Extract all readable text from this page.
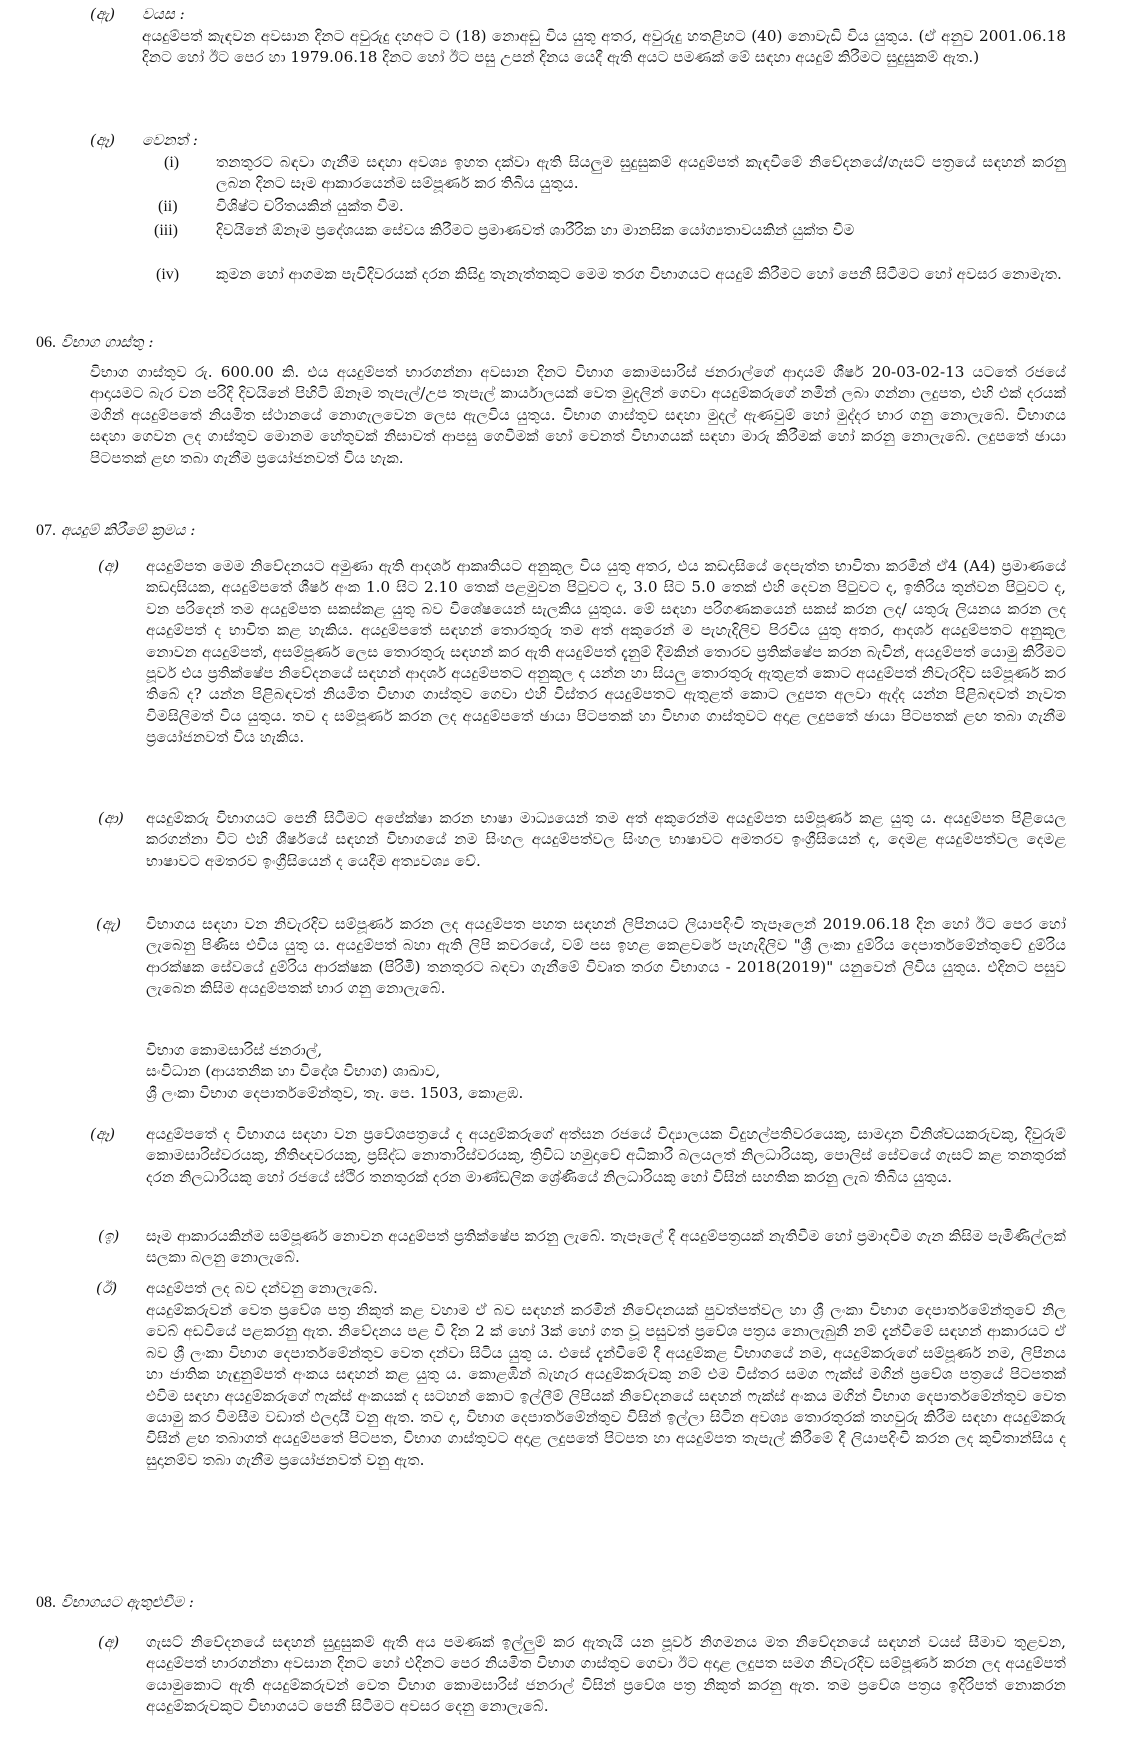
(ඇ) වයස :
අයදුම්පත් කැඳවන අවසාන දිනට අවුරුදු දහඅට ට (18) නොඅඩු විය යුතු අතර, අවුරුදු හතළිහට (40) නොවැඩි විය යුතුය. (ඒ අනුව 2001.06.18 දිනට හෝ ඊට පෙර හා 1979.06.18 දිනට හෝ ඊට පසු උපන් දිනය යෙදී ඇති අයට පමණක් මේ සඳහා අයදුම් කිරීමට සුදුසුකම් ඇත.)
(ඈ) වෙනත් :
(i) තනතුරට බඳවා ගැනීම සඳහා අවශ්‍ය ඉහත දක්වා ඇති සියලුම සුදුසුකම් අයදුම්පත් කැඳවීමේ නිවේදනයේ/ගැසට් පත්‍රයේ සඳහන් කරනු ලබන දිනට සෑම ආකාරයෙන්ම සම්පූර්ණ කර තිබිය යුතුය.
(ii)	විශිෂ්ට චරිතයකින් යුක්ත වීම.
(iii)	දිවයිනේ ඕනෑම ප්‍රදේශයක සේවය කිරීමට ප්‍රමාණවත් ශාරීරික හා මානසික යෝග්‍යතාවයකින් යුක්ත වීම
(iv) කුමන හෝ ආගමක පැවිදිවරයක් දරන කිසිදු තැනැත්තකුට මෙම තරග විභාගයට අයදුම් කිරීමට හෝ පෙනී සිටීමට හෝ අවසර නොමැත.
06. විභාග ගාස්තු :
විභාග ගාස්තුව රු. 600.00 කි. එය අයදුම්පත් භාරගන්නා අවසාන දිනට විභාග කොමසාරිස් ජනරාල්ගේ ආදායම් ශීර්ෂ 20-03-02-13 යටතේ රජයේ ආදායමට බැර වන පරිදි දිවයිනේ පිහිටි ඕනෑම තැපැල්/උප තැපැල් කාර්යාලයක් වෙත මුදලින් ගෙවා අයදුම්කරුගේ නමින් ලබා ගන්නා ලදුපත, එහි එක් දරයක් මගින් අයදුම්පතේ නියමිත ස්ථානයේ නොගැලවෙන ලෙස ඇලවිය යුතුය. විභාග ගාස්තුව සඳහා මුදල් ඇණවුම් හෝ මුද්දර භාර ගනු නොලැබේ. විභාගය සඳහා ගෙවන ලද ගාස්තුව මොනම හේතුවක් නිසාවත් ආපසු ගෙවීමක් හෝ වෙනත් විභාගයක් සඳහා මාරු කිරීමක් හෝ කරනු නොලැබේ. ලදුපතේ ඡායා පිටපතක් ළඟ තබා ගැනීම ප්‍රයෝජනවත් විය හැක.
07. අයදුම් කිරීමේ ක්‍රමය :
(අ) අයදුම්පත මෙම නිවේදනයට අමුණා ඇති ආදර්ශ ආකෘතියට අනුකූල විය යුතු අතර, එය කඩදාසියේ දෙපැත්ත භාවිතා කරමින් ඒ4 (A4) ප්‍රමාණයේ කඩදාසියක, අයදුම්පතේ ශීර්ෂ අංක 1.0 සිට 2.10 තෙක් පළමුවන පිටුවට ද, 3.0 සිට 5.0 තෙක් එහි දෙවන පිටුවට ද, ඉතිරිය තුන්වන පිටුවට ද, වන පරිදෙන් තම අයදුම්පත සකස්කළ යුතු බව විශේෂයෙන් සැලකිය යුතුය. මේ සඳහා පරිගණකයෙන් සකස් කරන ලද/ යතුරු ලියනය කරන ලද අයදුම්පත් ද භාවිත කළ හැකිය. අයදුම්පතේ සඳහන් තොරතුරු තම අත් අකුරෙන් ම පැහැදිලිව පිරවිය යුතු අතර, ආදර්ශ අයදුම්පතට අනුකූල නොවන අයදුම්පත්, අසම්පූර්ණ ලෙස තොරතුරු සඳහන් කර ඇති අයදුම්පත් දැනුම් දීමකින් තොරව ප්‍රතික්ෂේප කරන බැවින්, අයදුම්පත් යොමු කිරීමට පූර්ව එය ප්‍රතික්ෂේප නිවේදනයේ සඳහන් ආදර්ශ අයදුම්පතට අනුකූල ද යන්න හා සියලු තොරතුරු ඇතුළත් කොට අයදුම්පත් නිවැරදිව සම්පූර්ණ කර තිබේ ද? යන්න පිළිබඳවත් නියමිත විභාග ගාස්තුව ගෙවා එහි විස්තර අයදුම්පතට ඇතුළත් කොට ලදුපත අලවා ඇද්ද යන්න පිළිබඳවත් නැවත විමසිලිමත් විය යුතුය. තව ද සම්පූර්ණ කරන ලද අයදුම්පතේ ඡායා පිටපතක් හා විභාග ගාස්තුවට අදාළ ලදුපතේ ඡායා පිටපතක් ළඟ තබා ගැනීම ප්‍රයෝජනවත් විය හැකිය.
(ආ) අයදුම්කරු විභාගයට පෙනී සිටීමට අපේක්ෂා කරන භාෂා මාධ්‍යයෙන් තම අත් අකුරෙන්ම අයදුම්පත සම්පූර්ණ කළ යුතු ය. අයදුම්පත පිළියෙල කරගන්නා විට එහි ශීර්ෂයේ සඳහන් විභාගයේ නම සිංහල අයදුම්පත්වල සිංහල භාෂාවට අමතරව ඉංග්‍රීසියෙන් ද, දෙමළ අයදුම්පත්වල දෙමළ භාෂාවට අමතරව ඉංග්‍රීසියෙන් ද යෙදීම අත්‍යවශ්‍ය වේ.
(ඇ) විභාගය සඳහා වන නිවැරදිව සම්පූර්ණ කරන ලද අයදුම්පත පහත සඳහන් ලිපිනයට ලියාපදිංචි තැපෑලෙන් 2019.06.18 දින හෝ ඊට පෙර හෝ ලැබෙනු පිණිස එවිය යුතු ය. අයදුම්පත් බහා ඇති ලිපි කවරයේ, වම් පස ඉහළ කෙළවරේ පැහැදිලිව "ශ්‍රී ලංකා දුම්රිය දෙපාර්තමේන්තුවේ දුම්රිය ආරක්ෂක සේවයේ දුම්රිය ආරක්ෂක (පිරිමි) තනතුරට බඳවා ගැනීමේ විවෘත තරග විභාගය - 2018(2019)" යනුවෙන් ලිවිය යුතුය. එදිනට පසුව ලැබෙන කිසිම අයදුම්පතක් භාර ගනු නොලැබේ.
විභාග කොමසාරිස් ජනරාල්,
සංවිධාන (ආයතනික හා විදේශ විභාග) ශාඛාව,
ශ්‍රී ලංකා විභාග දෙපාර්තමේන්තුව, තැ. පෙ. 1503, කොළඹ.
(ඈ) අයදුම්පතේ ද විභාගය සඳහා වන ප්‍රවේශපත්‍රයේ ද අයදුම්කරුගේ අත්සන රජයේ විද්‍යාලයක විදුහල්පතිවරයෙකු, සාමදාන විනිශ්චයකරුවකු, දිවුරුම් කොමසාරිස්වරයකු, නීතිඥවරයකු, ප්‍රසිද්ධ නොතාරිස්වරයකු, ත්‍රිවිධ හමුදාවේ අධිකාරී බලයලත් නිලධාරියකු, පොලිස් සේවයේ ගැසට් කළ තනතුරක් දරන නිලධාරියකු හෝ රජයේ ස්ථිර තනතුරක් දරන මාණ්ඩලික ශ්‍රේණියේ නිලධාරියකු හෝ විසින් සහතික කරනු ලැබ තිබිය යුතුය.
(ඉ) සෑම ආකාරයකින්ම සම්පූර්ණ නොවන අයදුම්පත් ප්‍රතික්ෂේප කරනු ලැබේ. තැපෑලේ දී අයදුම්පත්‍රයක් නැතිවීම හෝ ප්‍රමාදවීම ගැන කිසිම පැමිණිල්ලක් සලකා බලනු නොලැබේ.
(ඊ) අයදුම්පත් ලද බව දන්වනු නොලැබේ.
අයදුම්කරුවන් වෙත ප්‍රවේශ පත්‍ර නිකුත් කළ වහාම ඒ බව සඳහන් කරමින් නිවේදනයක් පුවත්පත්වල හා ශ්‍රී ලංකා විභාග දෙපාර්තමේන්තුවේ නිල වෙබ් අඩවියේ පළකරනු ඇත. නිවේදනය පළ වී දින 2 ක් හෝ 3ක් හෝ ගත වූ පසුවත් ප්‍රවේශ පත්‍රය නොලැබුනි නම් දැන්වීමේ සඳහන් ආකාරයට ඒ බව ශ්‍රී ලංකා විභාග දෙපාර්තමේන්තුව වෙත දන්වා සිටිය යුතු ය. එසේ දැන්වීමේ දී අයදුම්කළ විභාගයේ නම, අයදුම්කරුගේ සම්පූර්ණ නම, ලිපිනය හා ජාතික හැඳුනුම්පත් අංකය සඳහන් කළ යුතු ය. කොළඹින් බැහැර අයදුම්කරුවකු නම් එම විස්තර සමග ෆැක්ස් මගින් ප්‍රවේශ පත්‍රයේ පිටපතක් එවිම සඳහා අයදුම්කරුගේ ෆැක්ස් අංකයක් ද සටහන් කොට ඉල්ලීම් ලිපියක් නිවේදනයේ සඳහන් ෆැක්ස් අංකය මගින් විභාග දෙපාර්තමේන්තුව වෙත යොමු කර විමසීම වඩාත් ඵලදායී වනු ඇත. තව ද, විභාග දෙපාර්තමේන්තුව විසින් ඉල්ලා සිටින අවශ්‍ය තොරතුරක් තහවුරු කිරීම සඳහා අයදුම්කරු විසින් ළඟ තබාගත් අයදුම්පතේ පිටපත, විභාග ගාස්තුවට අදාළ ලදුපතේ පිටපත හා අයදුම්පත තැපැල් කිරීමේ දී ලියාපදිංචි කරන ලද කුවිතාන්සිය ද සුදානම්ව තබා ගැනීම ප්‍රයෝජනවත් වනු ඇත.
08. විභාගයට ඇතුළුවීම :
(අ) ගැසට් නිවේදනයේ සඳහන් සුදුසුකම් ඇති අය පමණක් ඉල්ලුම් කර ඇතැයි යන පූර්ව නිගමනය මත නිවේදනයේ සඳහන් වයස් සීමාව තුළවන, අයදුම්පත් භාරගන්නා අවසාන දිනට හෝ එදිනට පෙර නියමිත විභාග ගාස්තුව ගෙවා ඊට අදාළ ලදුපත සමග නිවැරදිව සම්පූර්ණ කරන ලද අයදුම්පත් යොමුකොට ඇති අයදුම්කරුවන් වෙත විභාග කොමසාරිස් ජනරාල් විසින් ප්‍රවේශ පත්‍ර නිකුත් කරනු ඇත. තම ප්‍රවේශ පත්‍රය ඉදිරිපත් නොකරන අයදුම්කරුවකුට විභාගයට පෙනී සිටීමට අවසර දෙනු නොලැබේ.
